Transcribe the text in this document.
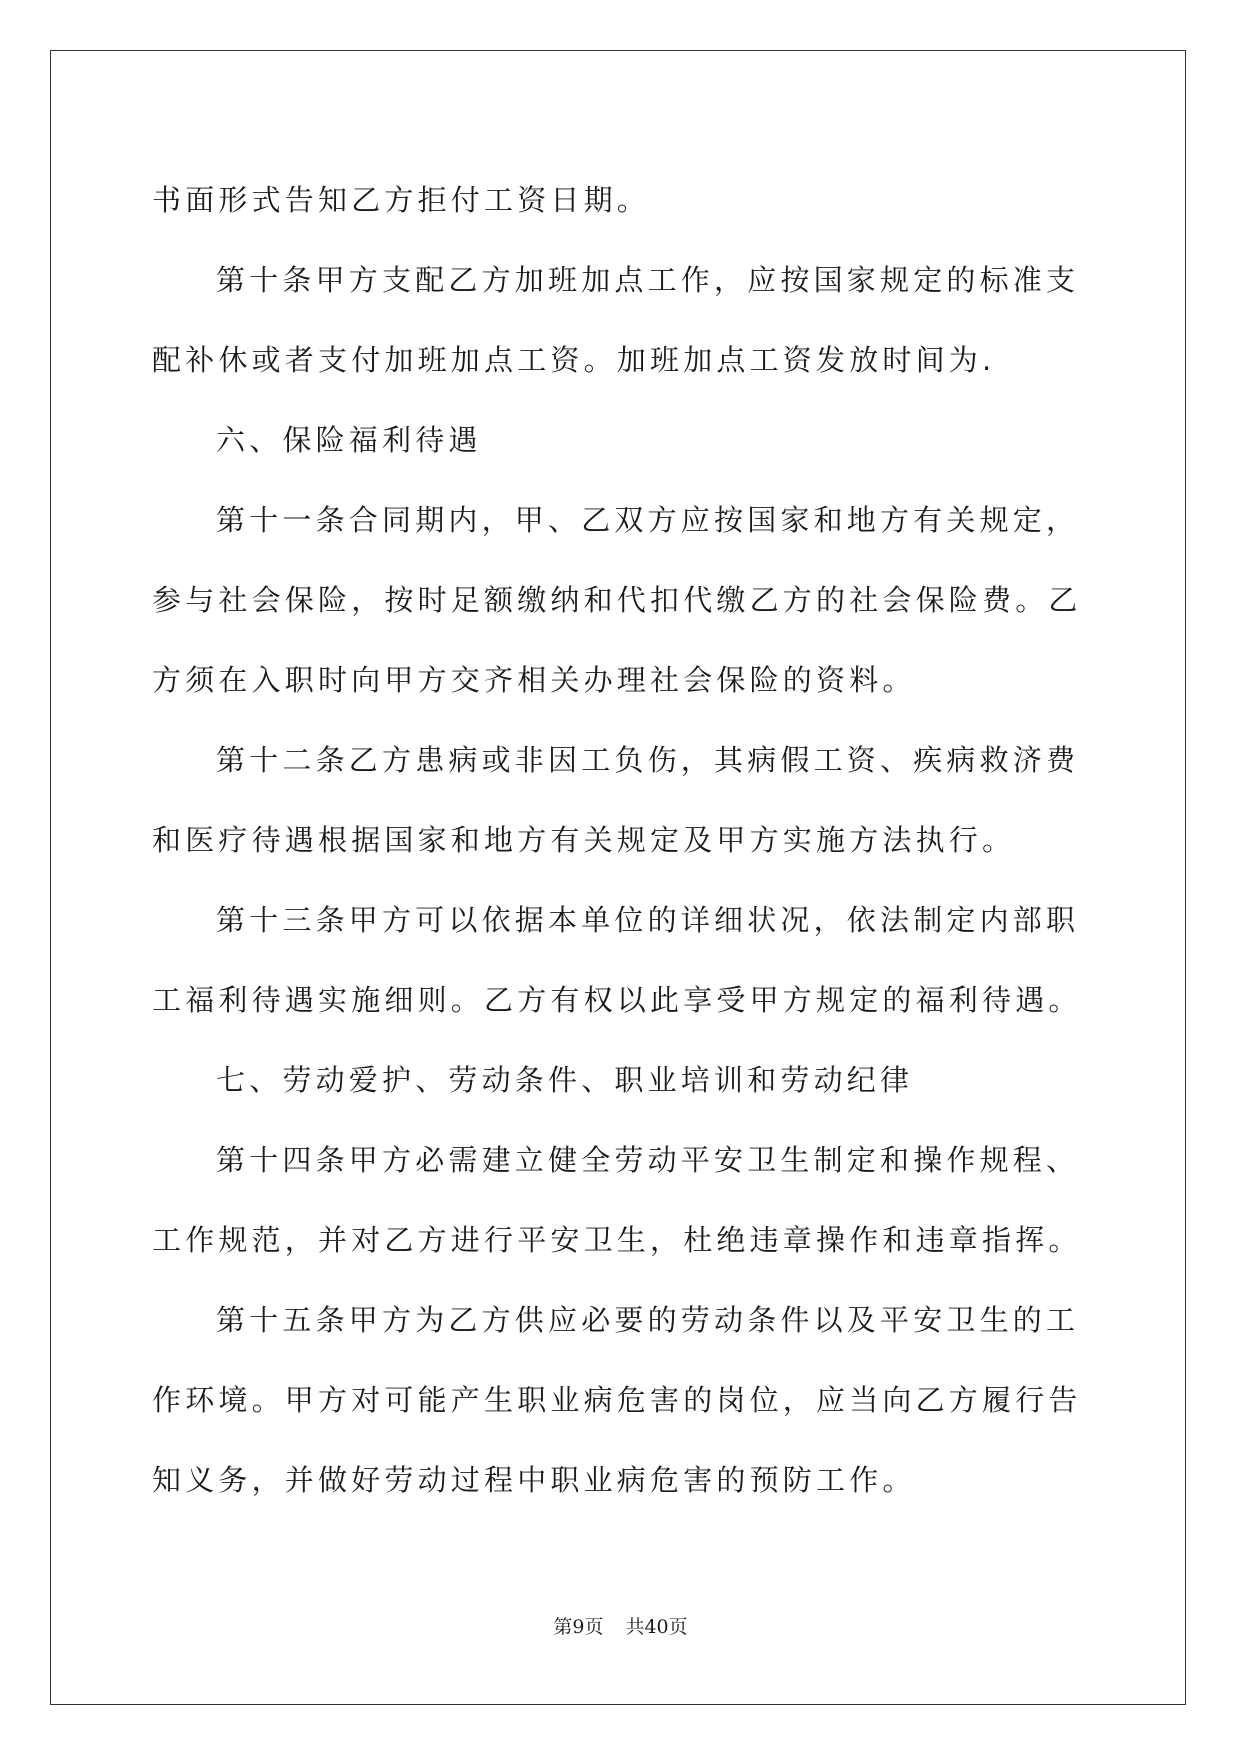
书面形式告知乙方拒付工资日期。

第十条甲方支配乙方加班加点工作，应按国家规定的标准支配补休或者支付加班加点工资。加班加点工资发放时间为.

六、保险福利待遇

第十一条合同期内，甲、乙双方应按国家和地方有关规定，参与社会保险，按时足额缴纳和代扣代缴乙方的社会保险费。乙方须在入职时向甲方交齐相关办理社会保险的资料。

第十二条乙方患病或非因工负伤，其病假工资、疾病救济费和医疗待遇根据国家和地方有关规定及甲方实施方法执行。

第十三条甲方可以依据本单位的详细状况，依法制定内部职工福利待遇实施细则。乙方有权以此享受甲方规定的福利待遇。

七、劳动爱护、劳动条件、职业培训和劳动纪律

第十四条甲方必需建立健全劳动平安卫生制定和操作规程、工作规范，并对乙方进行平安卫生，杜绝违章操作和违章指挥。

第十五条甲方为乙方供应必要的劳动条件以及平安卫生的工作环境。甲方对可能产生职业病危害的岗位，应当向乙方履行告知义务，并做好劳动过程中职业病危害的预防工作。

第9页 共40页
